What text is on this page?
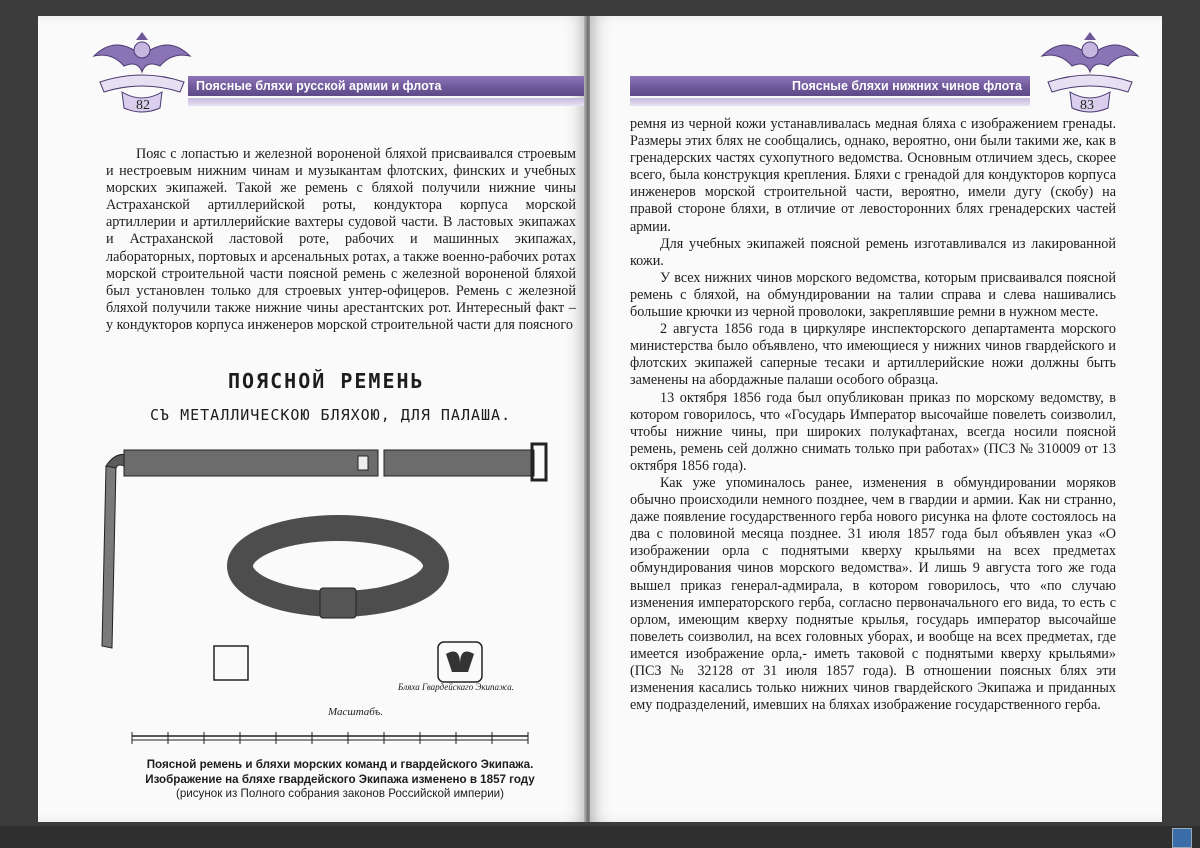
82
Поясные бляхи русской армии и флота

Пояс с лопастью и железной вороненой бляхой присваивался строевым и нестроевым нижним чинам и музыкантам флотских, финских и учебных морских экипажей. Такой же ремень с бляхой получили нижние чины Астраханской артиллерийской роты, кондуктора корпуса морской артиллерии и артиллерийские вахтеры судовой части. В ластовых экипажах и Астраханской ластовой роте, рабочих и машинных экипажах, лабораторных, портовых и арсенальных ротах, а также военно-рабочих ротах морской строительной части поясной ремень с железной вороненой бляхой был установлен только для строевых унтер-офицеров. Ремень с железной бляхой получили также нижние чины арестантских рот. Интересный факт – у кондукторов корпуса инженеров морской строительной части для поясного

ПОЯСНОЙ РЕМЕНЬ
СЪ МЕТАЛЛИЧЕСКОЮ БЛЯХОЮ, ДЛЯ ПАЛАША.
Бляха Гвардейскаго Экипажа.
Масштабъ.
Поясной ремень и бляхи морских команд и гвардейского Экипажа.
Изображение на бляхе гвардейского Экипажа изменено в 1857 году
(рисунок из Полного собрания законов Российской империи)
Поясные бляхи нижних чинов флота
83

ремня из черной кожи устанавливалась медная бляха с изображением гренады. Размеры этих блях не сообщались, однако, вероятно, они были такими же, как в гренадерских частях сухопутного ведомства. Основным отличием здесь, скорее всего, была конструкция крепления. Бляхи с гренадой для кондукторов корпуса инженеров морской строительной части, вероятно, имели дугу (скобу) на правой стороне бляхи, в отличие от левосторонних блях гренадерских частей армии.

Для учебных экипажей поясной ремень изготавливался из лакированной кожи.

У всех нижних чинов морского ведомства, которым присваивался поясной ремень с бляхой, на обмундировании на талии справа и слева нашивались большие крючки из черной проволоки, закреплявшие ремни в нужном месте.

2 августа 1856 года в циркуляре инспекторского департамента морского министерства было объявлено, что имеющиеся у нижних чинов гвардейского и флотских экипажей саперные тесаки и артиллерийские ножи должны быть заменены на абордажные палаши особого образца.

13 октября 1856 года был опубликован приказ по морскому ведомству, в котором говорилось, что «Государь Император высочайше повелеть соизволил, чтобы нижние чины, при широких полукафтанах, всегда носили поясной ремень, ремень сей должно снимать только при работах» (ПСЗ № 310009 от 13 октября 1856 года).

Как уже упоминалось ранее, изменения в обмундировании моряков обычно происходили немного позднее, чем в гвардии и армии. Как ни странно, даже появление государственного герба нового рисунка на флоте состоялось на два с половиной месяца позднее. 31 июля 1857 года был объявлен указ «О изображении орла с поднятыми кверху крыльями на всех предметах обмундирования чинов морского ведомства». И лишь 9 августа того же года вышел приказ генерал-адмирала, в котором говорилось, что «по случаю изменения императорского герба, согласно первоначального его вида, то есть с орлом, имеющим кверху поднятые крылья, государь император высочайше повелеть соизволил, на всех головных уборах, и вообще на всех предметах, где имеется изображение орла,- иметь таковой с поднятыми кверху крыльями» (ПСЗ № 32128 от 31 июля 1857 года). В отношении поясных блях эти изменения касались только нижних чинов гвардейского Экипажа и приданных ему подразделений, имевших на бляхах изображение государственного герба.
